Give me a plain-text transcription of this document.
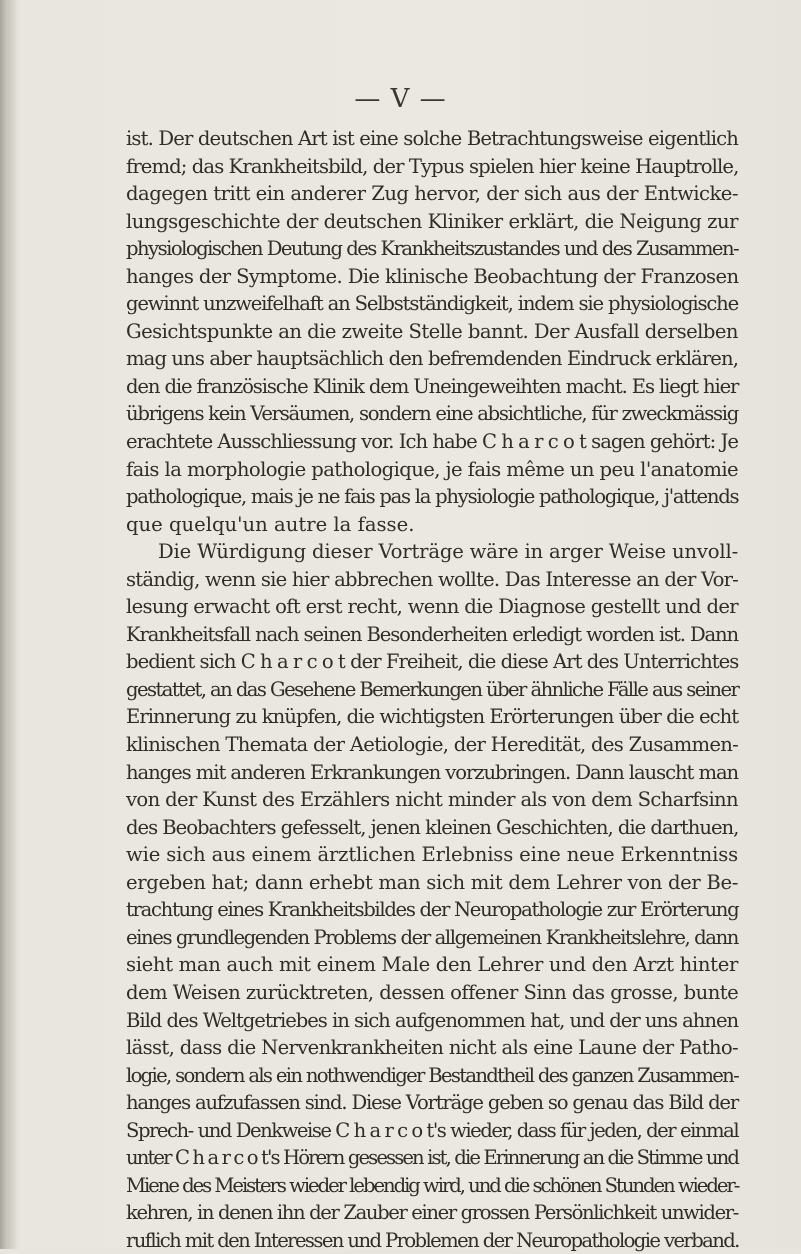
— V —
ist. Der deutschen Art ist eine solche Betrachtungsweise eigentlich
fremd; das Krankheitsbild, der Typus spielen hier keine Hauptrolle,
dagegen tritt ein anderer Zug hervor, der sich aus der Entwicke-
lungsgeschichte der deutschen Kliniker erklärt, die Neigung zur
physiologischen Deutung des Krankheitszustandes und des Zusammen-
hanges der Symptome. Die klinische Beobachtung der Franzosen
gewinnt unzweifelhaft an Selbstständigkeit, indem sie physiologische
Gesichtspunkte an die zweite Stelle bannt. Der Ausfall derselben
mag uns aber hauptsächlich den befremdenden Eindruck erklären,
den die französische Klinik dem Uneingeweihten macht. Es liegt hier
übrigens kein Versäumen, sondern eine absichtliche, für zweckmässig
erachtete Ausschliessung vor. Ich habe C h a r c o t sagen gehört: Je
fais la morphologie pathologique, je fais même un peu l'anatomie
pathologique, mais je ne fais pas la physiologie pathologique, j'attends
que quelqu'un autre la fasse.
Die Würdigung dieser Vorträge wäre in arger Weise unvoll-
ständig, wenn sie hier abbrechen wollte. Das Interesse an der Vor-
lesung erwacht oft erst recht, wenn die Diagnose gestellt und der
Krankheitsfall nach seinen Besonderheiten erledigt worden ist. Dann
bedient sich C h a r c o t der Freiheit, die diese Art des Unterrichtes
gestattet, an das Gesehene Bemerkungen über ähnliche Fälle aus seiner
Erinnerung zu knüpfen, die wichtigsten Erörterungen über die echt
klinischen Themata der Aetiologie, der Heredität, des Zusammen-
hanges mit anderen Erkrankungen vorzubringen. Dann lauscht man
von der Kunst des Erzählers nicht minder als von dem Scharfsinn
des Beobachters gefesselt, jenen kleinen Geschichten, die darthuen,
wie sich aus einem ärztlichen Erlebniss eine neue Erkenntniss
ergeben hat; dann erhebt man sich mit dem Lehrer von der Be-
trachtung eines Krankheitsbildes der Neuropathologie zur Erörterung
eines grundlegenden Problems der allgemeinen Krankheitslehre, dann
sieht man auch mit einem Male den Lehrer und den Arzt hinter
dem Weisen zurücktreten, dessen offener Sinn das grosse, bunte
Bild des Weltgetriebes in sich aufgenommen hat, und der uns ahnen
lässt, dass die Nervenkrankheiten nicht als eine Laune der Patho-
logie, sondern als ein nothwendiger Bestandtheil des ganzen Zusammen-
hanges aufzufassen sind. Diese Vorträge geben so genau das Bild der
Sprech- und Denkweise C h a r c o t's wieder, dass für jeden, der einmal
unter C h a r c o t's Hörern gesessen ist, die Erinnerung an die Stimme und
Miene des Meisters wieder lebendig wird, und die schönen Stunden wieder-
kehren, in denen ihn der Zauber einer grossen Persönlichkeit unwider-
ruflich mit den Interessen und Problemen der Neuropathologie verband.
